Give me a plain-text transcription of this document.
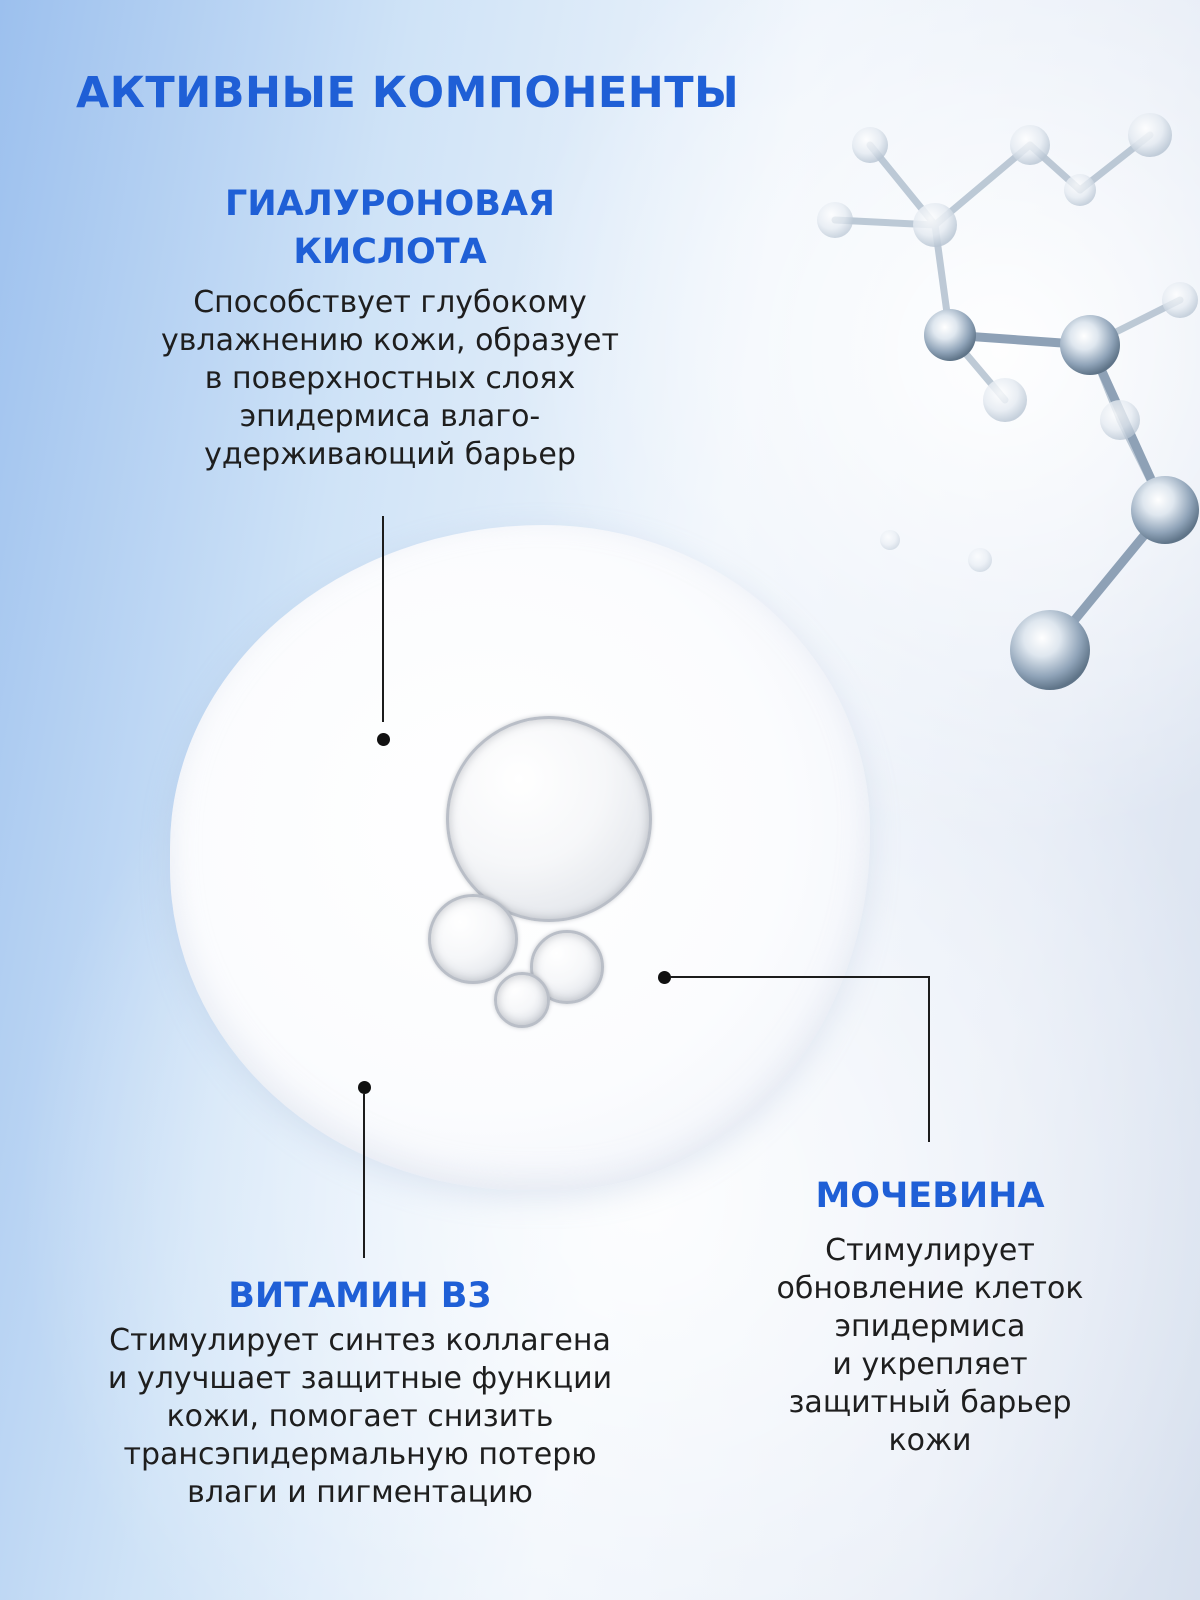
АКТИВНЫЕ КОМПОНЕНТЫ
ГИАЛУРОНОВАЯ
КИСЛОТА

Способствует глубокому
увлажнению кожи, образует
в поверхностных слоях
эпидермиса влаго-
удерживающий барьер

ВИТАМИН B3

Стимулирует синтез коллагена
и улучшает защитные функции
кожи, помогает снизить
трансэпидермальную потерю
влаги и пигментацию

МОЧЕВИНА

Стимулирует
обновление клеток
эпидермиса
и укрепляет
защитный барьер
кожи
